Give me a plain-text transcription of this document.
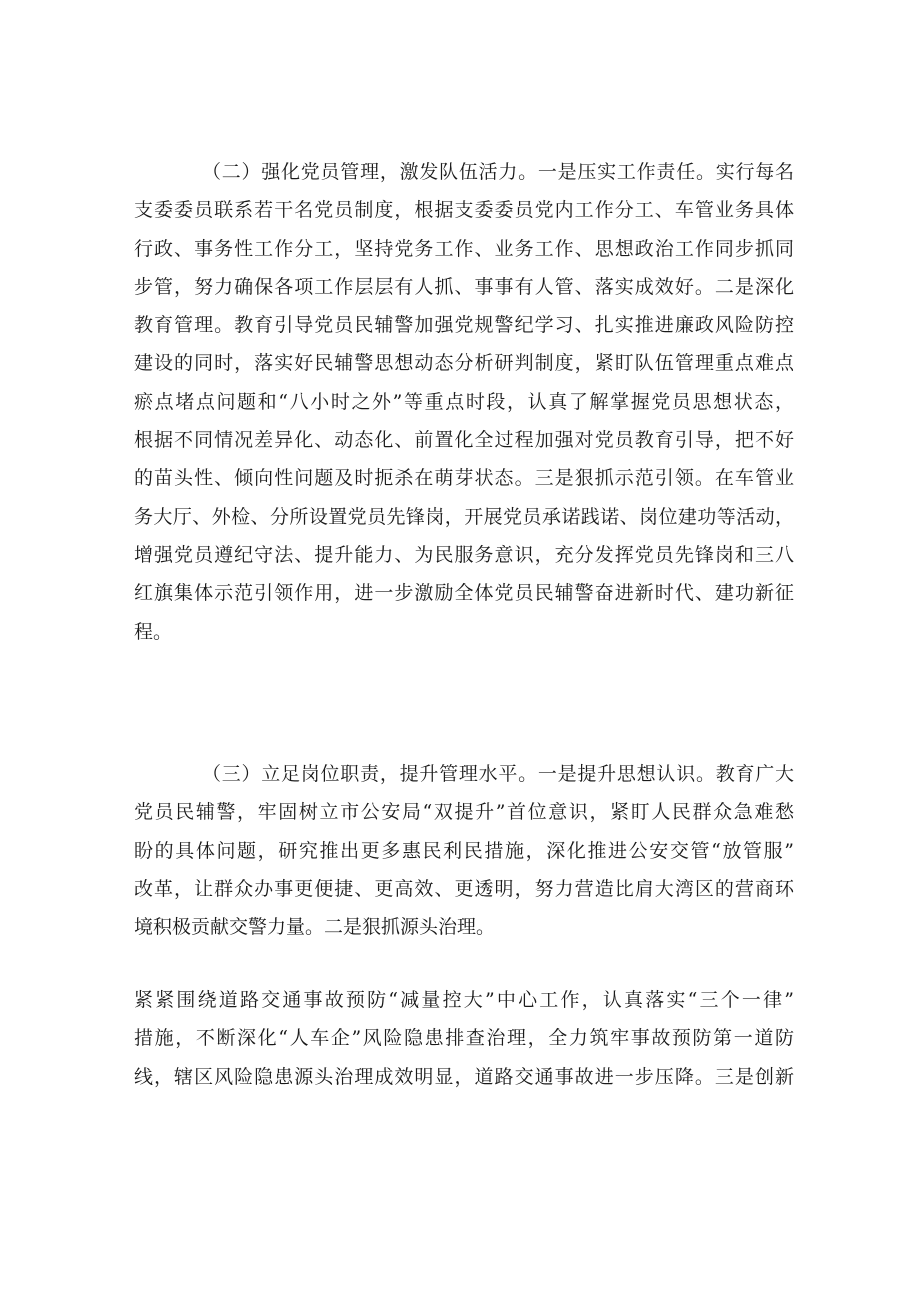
（二）强化党员管理，激发队伍活力。一是压实工作责任。实行每名
支委委员联系若干名党员制度，根据支委委员党内工作分工、车管业务具体
行政、事务性工作分工，坚持党务工作、业务工作、思想政治工作同步抓同
步管，努力确保各项工作层层有人抓、事事有人管、落实成效好。二是深化
教育管理。教育引导党员民辅警加强党规警纪学习、扎实推进廉政风险防控
建设的同时，落实好民辅警思想动态分析研判制度，紧盯队伍管理重点难点
瘀点堵点问题和“八小时之外”等重点时段，认真了解掌握党员思想状态，
根据不同情况差异化、动态化、前置化全过程加强对党员教育引导，把不好
的苗头性、倾向性问题及时扼杀在萌芽状态。三是狠抓示范引领。在车管业
务大厅、外检、分所设置党员先锋岗，开展党员承诺践诺、岗位建功等活动，
增强党员遵纪守法、提升能力、为民服务意识，充分发挥党员先锋岗和三八
红旗集体示范引领作用，进一步激励全体党员民辅警奋进新时代、建功新征
程。
（三）立足岗位职责，提升管理水平。一是提升思想认识。教育广大
党员民辅警，牢固树立市公安局“双提升”首位意识，紧盯人民群众急难愁
盼的具体问题，研究推出更多惠民利民措施，深化推进公安交管“放管服”
改革，让群众办事更便捷、更高效、更透明，努力营造比肩大湾区的营商环
境积极贡献交警力量。二是狠抓源头治理。
紧紧围绕道路交通事故预防“减量控大”中心工作，认真落实“三个一律”
措施，不断深化“人车企”风险隐患排查治理，全力筑牢事故预防第一道防
线，辖区风险隐患源头治理成效明显，道路交通事故进一步压降。三是创新
